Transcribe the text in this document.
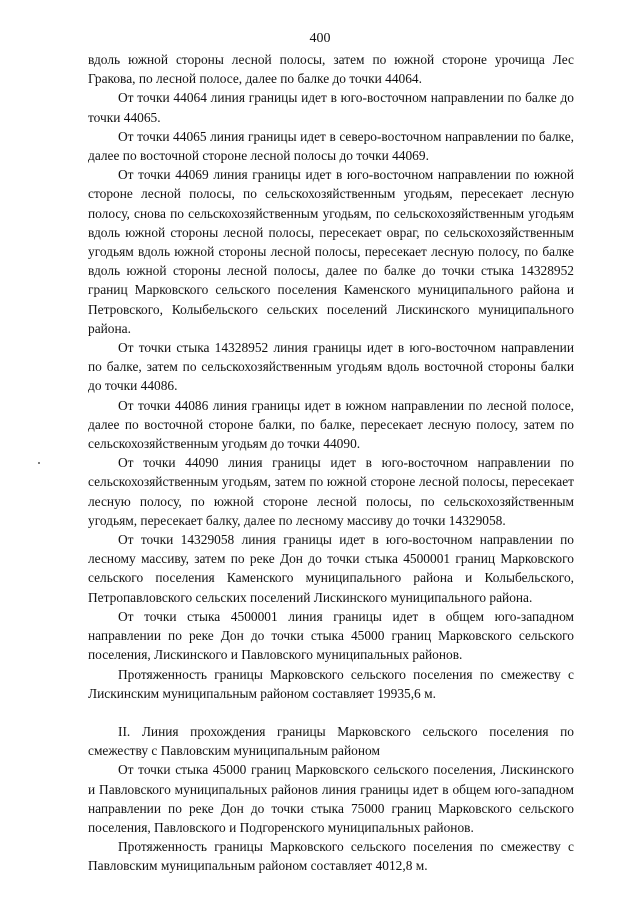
400

вдоль южной стороны лесной полосы, затем по южной стороне урочища Лес Гракова, по лесной полосе, далее по балке до точки 44064.

От точки 44064 линия границы идет в юго-восточном направлении по балке до точки 44065.

От точки 44065 линия границы идет в северо-восточном направлении по балке, далее по восточной стороне лесной полосы до точки 44069.

От точки 44069 линия границы идет в юго-восточном направлении по южной стороне лесной полосы, по сельскохозяйственным угодьям, пересекает лесную полосу, снова по сельскохозяйственным угодьям, по сельскохозяйственным угодьям вдоль южной стороны лесной полосы, пересекает овраг, по сельскохозяйственным угодьям вдоль южной стороны лесной полосы, пересекает лесную полосу, по балке вдоль южной стороны лесной полосы, далее по балке до точки стыка 14328952 границ Марковского сельского поселения Каменского муниципального района и Петровского, Колыбельского сельских поселений Лискинского муниципального района.

От точки стыка 14328952 линия границы идет в юго-восточном направлении по балке, затем по сельскохозяйственным угодьям вдоль восточной стороны балки до точки 44086.

От точки 44086 линия границы идет в южном направлении по лесной полосе, далее по восточной стороне балки, по балке, пересекает лесную полосу, затем по сельскохозяйственным угодьям до точки 44090.

От точки 44090 линия границы идет в юго-восточном направлении по сельскохозяйственным угодьям, затем по южной стороне лесной полосы, пересекает лесную полосу, по южной стороне лесной полосы, по сельскохозяйственным угодьям, пересекает балку, далее по лесному массиву до точки 14329058.

От точки 14329058 линия границы идет в юго-восточном направлении по лесному массиву, затем по реке Дон до точки стыка 4500001 границ Марковского сельского поселения Каменского муниципального района и Колыбельского, Петропавловского сельских поселений Лискинского муниципального района.

От точки стыка 4500001 линия границы идет в общем юго-западном направлении по реке Дон до точки стыка 45000 границ Марковского сельского поселения, Лискинского и Павловского муниципальных районов.

Протяженность границы Марковского сельского поселения по смежеству с Лискинским муниципальным районом составляет 19935,6 м.

II. Линия прохождения границы Марковского сельского поселения по смежеству с Павловским муниципальным районом

От точки стыка 45000 границ Марковского сельского поселения, Лискинского и Павловского муниципальных районов линия границы идет в общем юго-западном направлении по реке Дон до точки стыка 75000 границ Марковского сельского поселения, Павловского и Подгоренского муниципальных районов.

Протяженность границы Марковского сельского поселения по смежеству с Павловским муниципальным районом составляет 4012,8 м.
